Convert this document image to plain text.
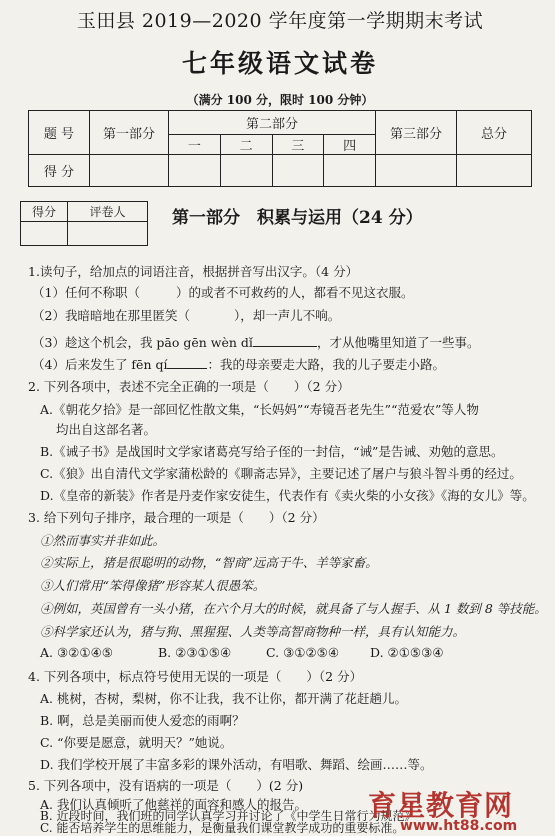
玉田县 2019—2020 学年度第一学期期末考试
七年级语文试卷
（满分 100 分，限时 100 分钟）
题 号	第一部分	第二部分				第三部分	总分
		一	二	三	四		
得 分							
得分	评卷人
		第一部分　积累与运用（24 分）
1.读句子，给加点的词语注音，根据拼音写出汉字。（4 分）
（1）任何不称职（	）的或者不可救药的人，都看不见这衣服。
（2）我暗暗地在那里匿笑（	），却一声儿不响。
（3）趁这个机会，我 pāo gēn wèn dǐ	，才从他嘴里知道了一些事。
（4）后来发生了 fēn qí	：我的母亲要走大路，我的儿子要走小路。
2. 下列各项中，表述不完全正确的一项是（　　）（2 分）
A.《朝花夕拾》是一部回忆性散文集，“长妈妈”“寿镜吾老先生”“范爱农”等人物
均出自这部名著。
B.《诫子书》是战国时文学家诸葛亮写给子侄的一封信，“诫”是告诫、劝勉的意思。
C.《狼》出自清代文学家蒲松龄的《聊斋志异》，主要记述了屠户与狼斗智斗勇的经过。
D.《皇帝的新装》作者是丹麦作家安徒生，代表作有《卖火柴的小女孩》《海的女儿》等。
3. 给下列句子排序，最合理的一项是（　　）（2 分）
①然而事实并非如此。
②实际上，猪是很聪明的动物，“智商”远高于牛、羊等家畜。
③人们常用“笨得像猪”形容某人很愚笨。
④例如，英国曾有一头小猪，在六个月大的时候，就具备了与人握手、从 1 数到 8 等技能。
⑤科学家还认为，猪与狗、黑猩猩、人类等高智商物种一样，具有认知能力。
A. ③②①④⑤	B. ②③①⑤④	C. ③①②⑤④ D. ②①⑤③④
4. 下列各项中，标点符号使用无误的一项是（　　）（2 分）
A. 桃树，杏树，梨树，你不让我，我不让你，都开满了花赶趟儿。
B. 啊，总是美丽而使人爱恋的雨啊？
C. “你要是愿意，就明天？”她说。
D. 我们学校开展了丰富多彩的课外活动，有唱歌、舞蹈、绘画……等。
5. 下列各项中，没有语病的一项是（　　）(2 分)
A. 我们认真倾听了他慈祥的面容和感人的报告。
B. 近段时间，我们班的同学认真学习并讨论了《中学生日常行为规范》
C. 能否培养学生的思维能力，是衡量我们课堂教学成功的重要标准。
育星教育网
www.ht88.com
